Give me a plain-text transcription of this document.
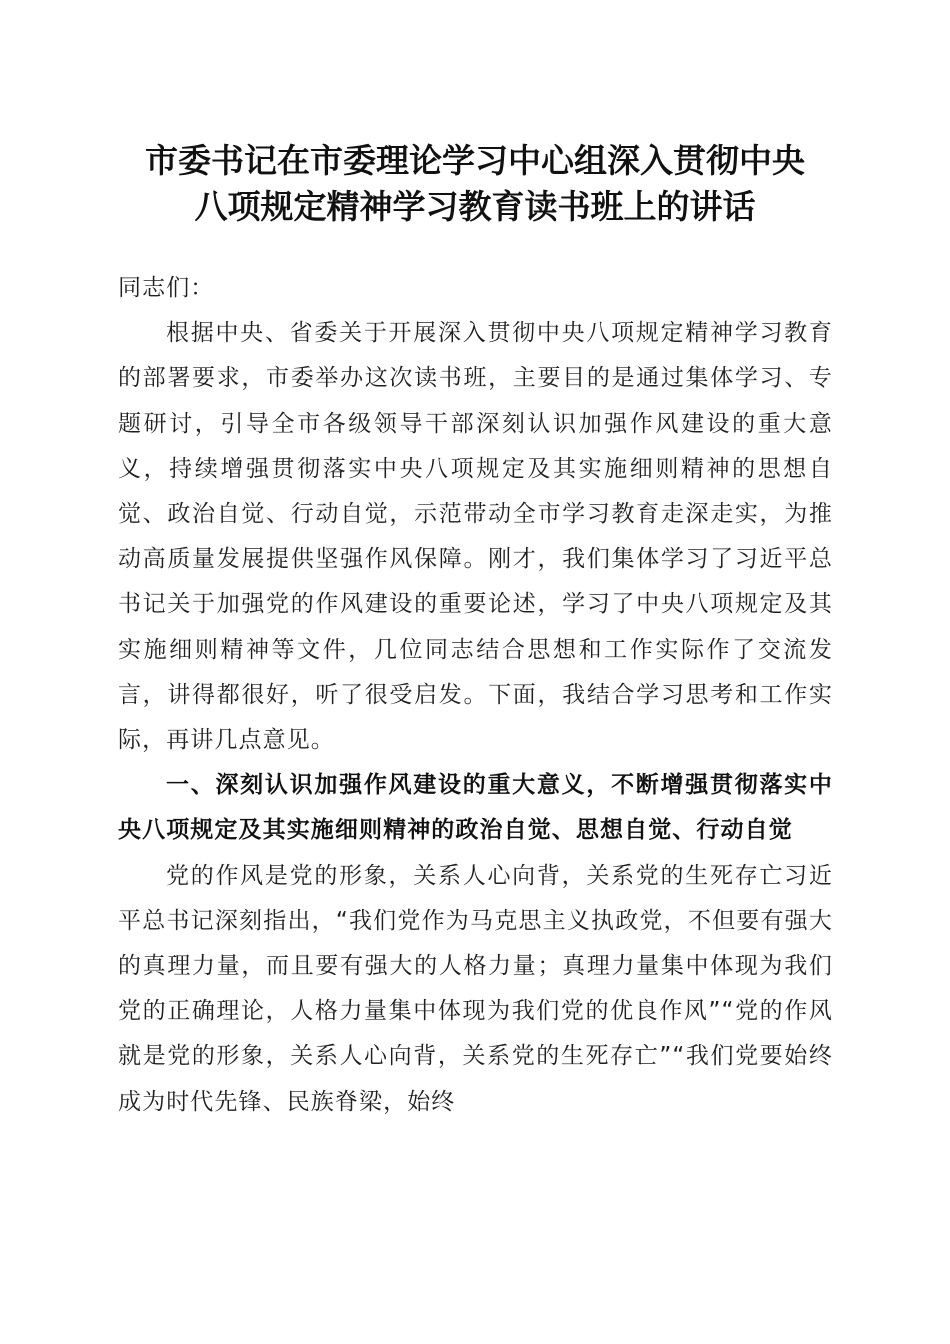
市委书记在市委理论学习中心组深入贯彻中央
八项规定精神学习教育读书班上的讲话

同志们：

根据中央、省委关于开展深入贯彻中央八项规定精神学习教育的部署要求，市委举办这次读书班，主要目的是通过集体学习、专题研讨，引导全市各级领导干部深刻认识加强作风建设的重大意义，持续增强贯彻落实中央八项规定及其实施细则精神的思想自觉、政治自觉、行动自觉，示范带动全市学习教育走深走实，为推动高质量发展提供坚强作风保障。刚才，我们集体学习了习近平总书记关于加强党的作风建设的重要论述，学习了中央八项规定及其实施细则精神等文件，几位同志结合思想和工作实际作了交流发言，讲得都很好，听了很受启发。下面，我结合学习思考和工作实际，再讲几点意见。

一、深刻认识加强作风建设的重大意义，不断增强贯彻落实中央八项规定及其实施细则精神的政治自觉、思想自觉、行动自觉

党的作风是党的形象，关系人心向背，关系党的生死存亡习近平总书记深刻指出，“我们党作为马克思主义执政党，不但要有强大的真理力量，而且要有强大的人格力量；真理力量集中体现为我们党的正确理论，人格力量集中体现为我们党的优良作风”“党的作风就是党的形象，关系人心向背，关系党的生死存亡”“我们党要始终成为时代先锋、民族脊梁，始终
